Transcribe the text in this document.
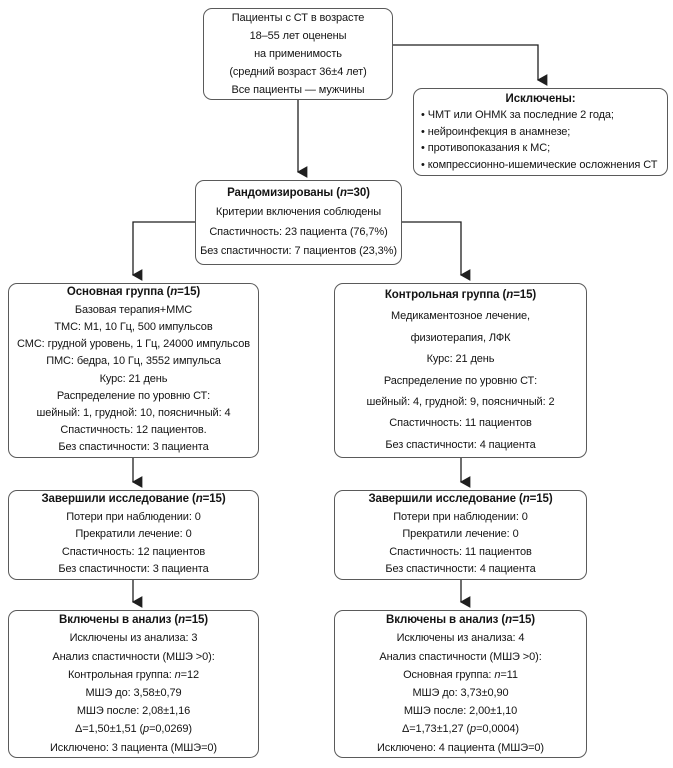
Пациенты с СТ в возрасте
18–55 лет оценены
на применимость
(средний возраст 36±4 лет)
Все пациенты — мужчины
Исключены:
• ЧМТ или ОНМК за последние 2 года;
• нейроинфекция в анамнезе;
• противопоказания к МС;
• компрессионно-ишемические осложнения СТ
Рандомизированы (n=30)
Критерии включения соблюдены
Спастичность: 23 пациента (76,7%)
Без спастичности: 7 пациентов (23,3%)
Основная группа (n=15)
Базовая терапия+ММС
ТМС: М1, 10 Гц, 500 импульсов
СМС: грудной уровень, 1 Гц, 24000 импульсов
ПМС: бедра, 10 Гц, 3552 импульса
Курс: 21 день
Распределение по уровню СТ:
шейный: 1, грудной: 10, поясничный: 4
Спастичность: 12 пациентов.
Без спастичности: 3 пациента
Контрольная группа (n=15)
Медикаментозное лечение,
физиотерапия, ЛФК
Курс: 21 день
Распределение по уровню СТ:
шейный: 4, грудной: 9, поясничный: 2
Спастичность: 11 пациентов
Без спастичности: 4 пациента
Завершили исследование (n=15)
Потери при наблюдении: 0
Прекратили лечение: 0
Спастичность: 12 пациентов
Без спастичности: 3 пациента
Завершили исследование (n=15)
Потери при наблюдении: 0
Прекратили лечение: 0
Спастичность: 11 пациентов
Без спастичности: 4 пациента
Включены в анализ (n=15)
Исключены из анализа: 3
Анализ спастичности (МШЭ >0):
Контрольная группа: n=12
МШЭ до: 3,58±0,79
МШЭ после: 2,08±1,16
Δ=1,50±1,51 (p=0,0269)
Исключено: 3 пациента (МШЭ=0)
Включены в анализ (n=15)
Исключены из анализа: 4
Анализ спастичности (МШЭ >0):
Основная группа: n=11
МШЭ до: 3,73±0,90
МШЭ после: 2,00±1,10
Δ=1,73±1,27 (p=0,0004)
Исключено: 4 пациента (МШЭ=0)
